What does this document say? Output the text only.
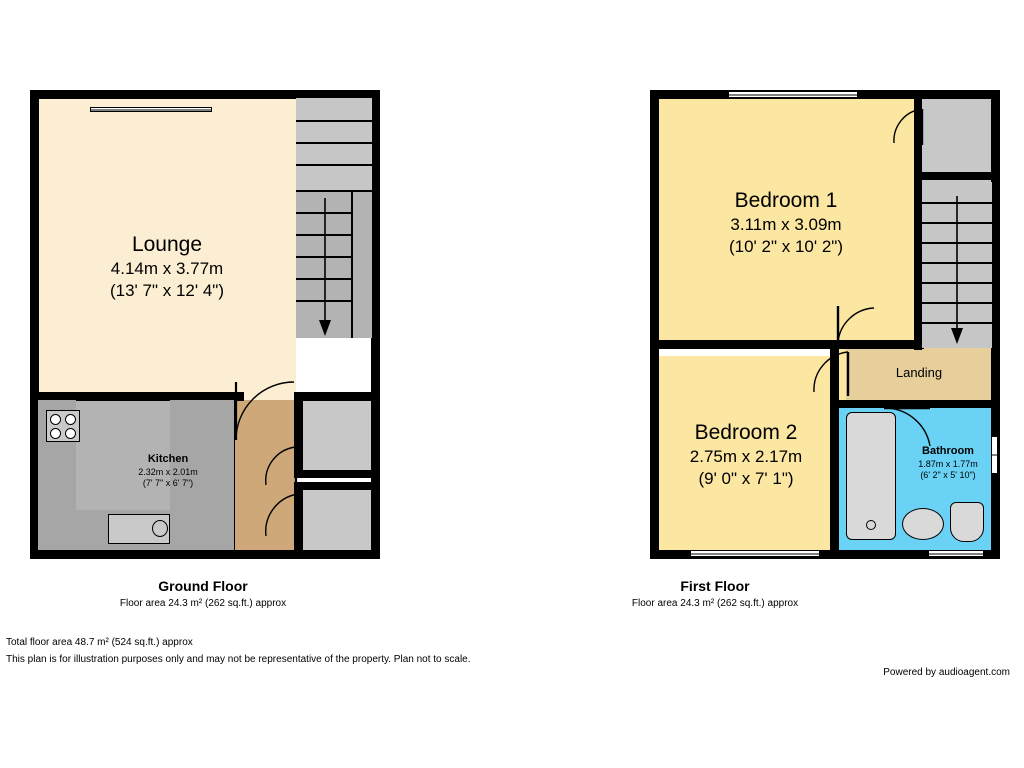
Lounge
4.14m x 3.77m
(13' 7" x 12' 4")
Kitchen
2.32m x 2.01m
(7' 7" x 6' 7")
Ground Floor
Floor area 24.3 m² (262 sq.ft.) approx
Bedroom 1
3.11m x 3.09m
(10' 2" x 10' 2")
Bedroom 2
2.75m x 2.17m
(9' 0" x 7' 1")
Landing
Bathroom
1.87m x 1.77m
(6' 2" x 5' 10")
First Floor
Floor area 24.3 m² (262 sq.ft.) approx
Total floor area 48.7 m² (524 sq.ft.) approx
This plan is for illustration purposes only and may not be representative of the property. Plan not to scale.
Powered by audioagent.com
